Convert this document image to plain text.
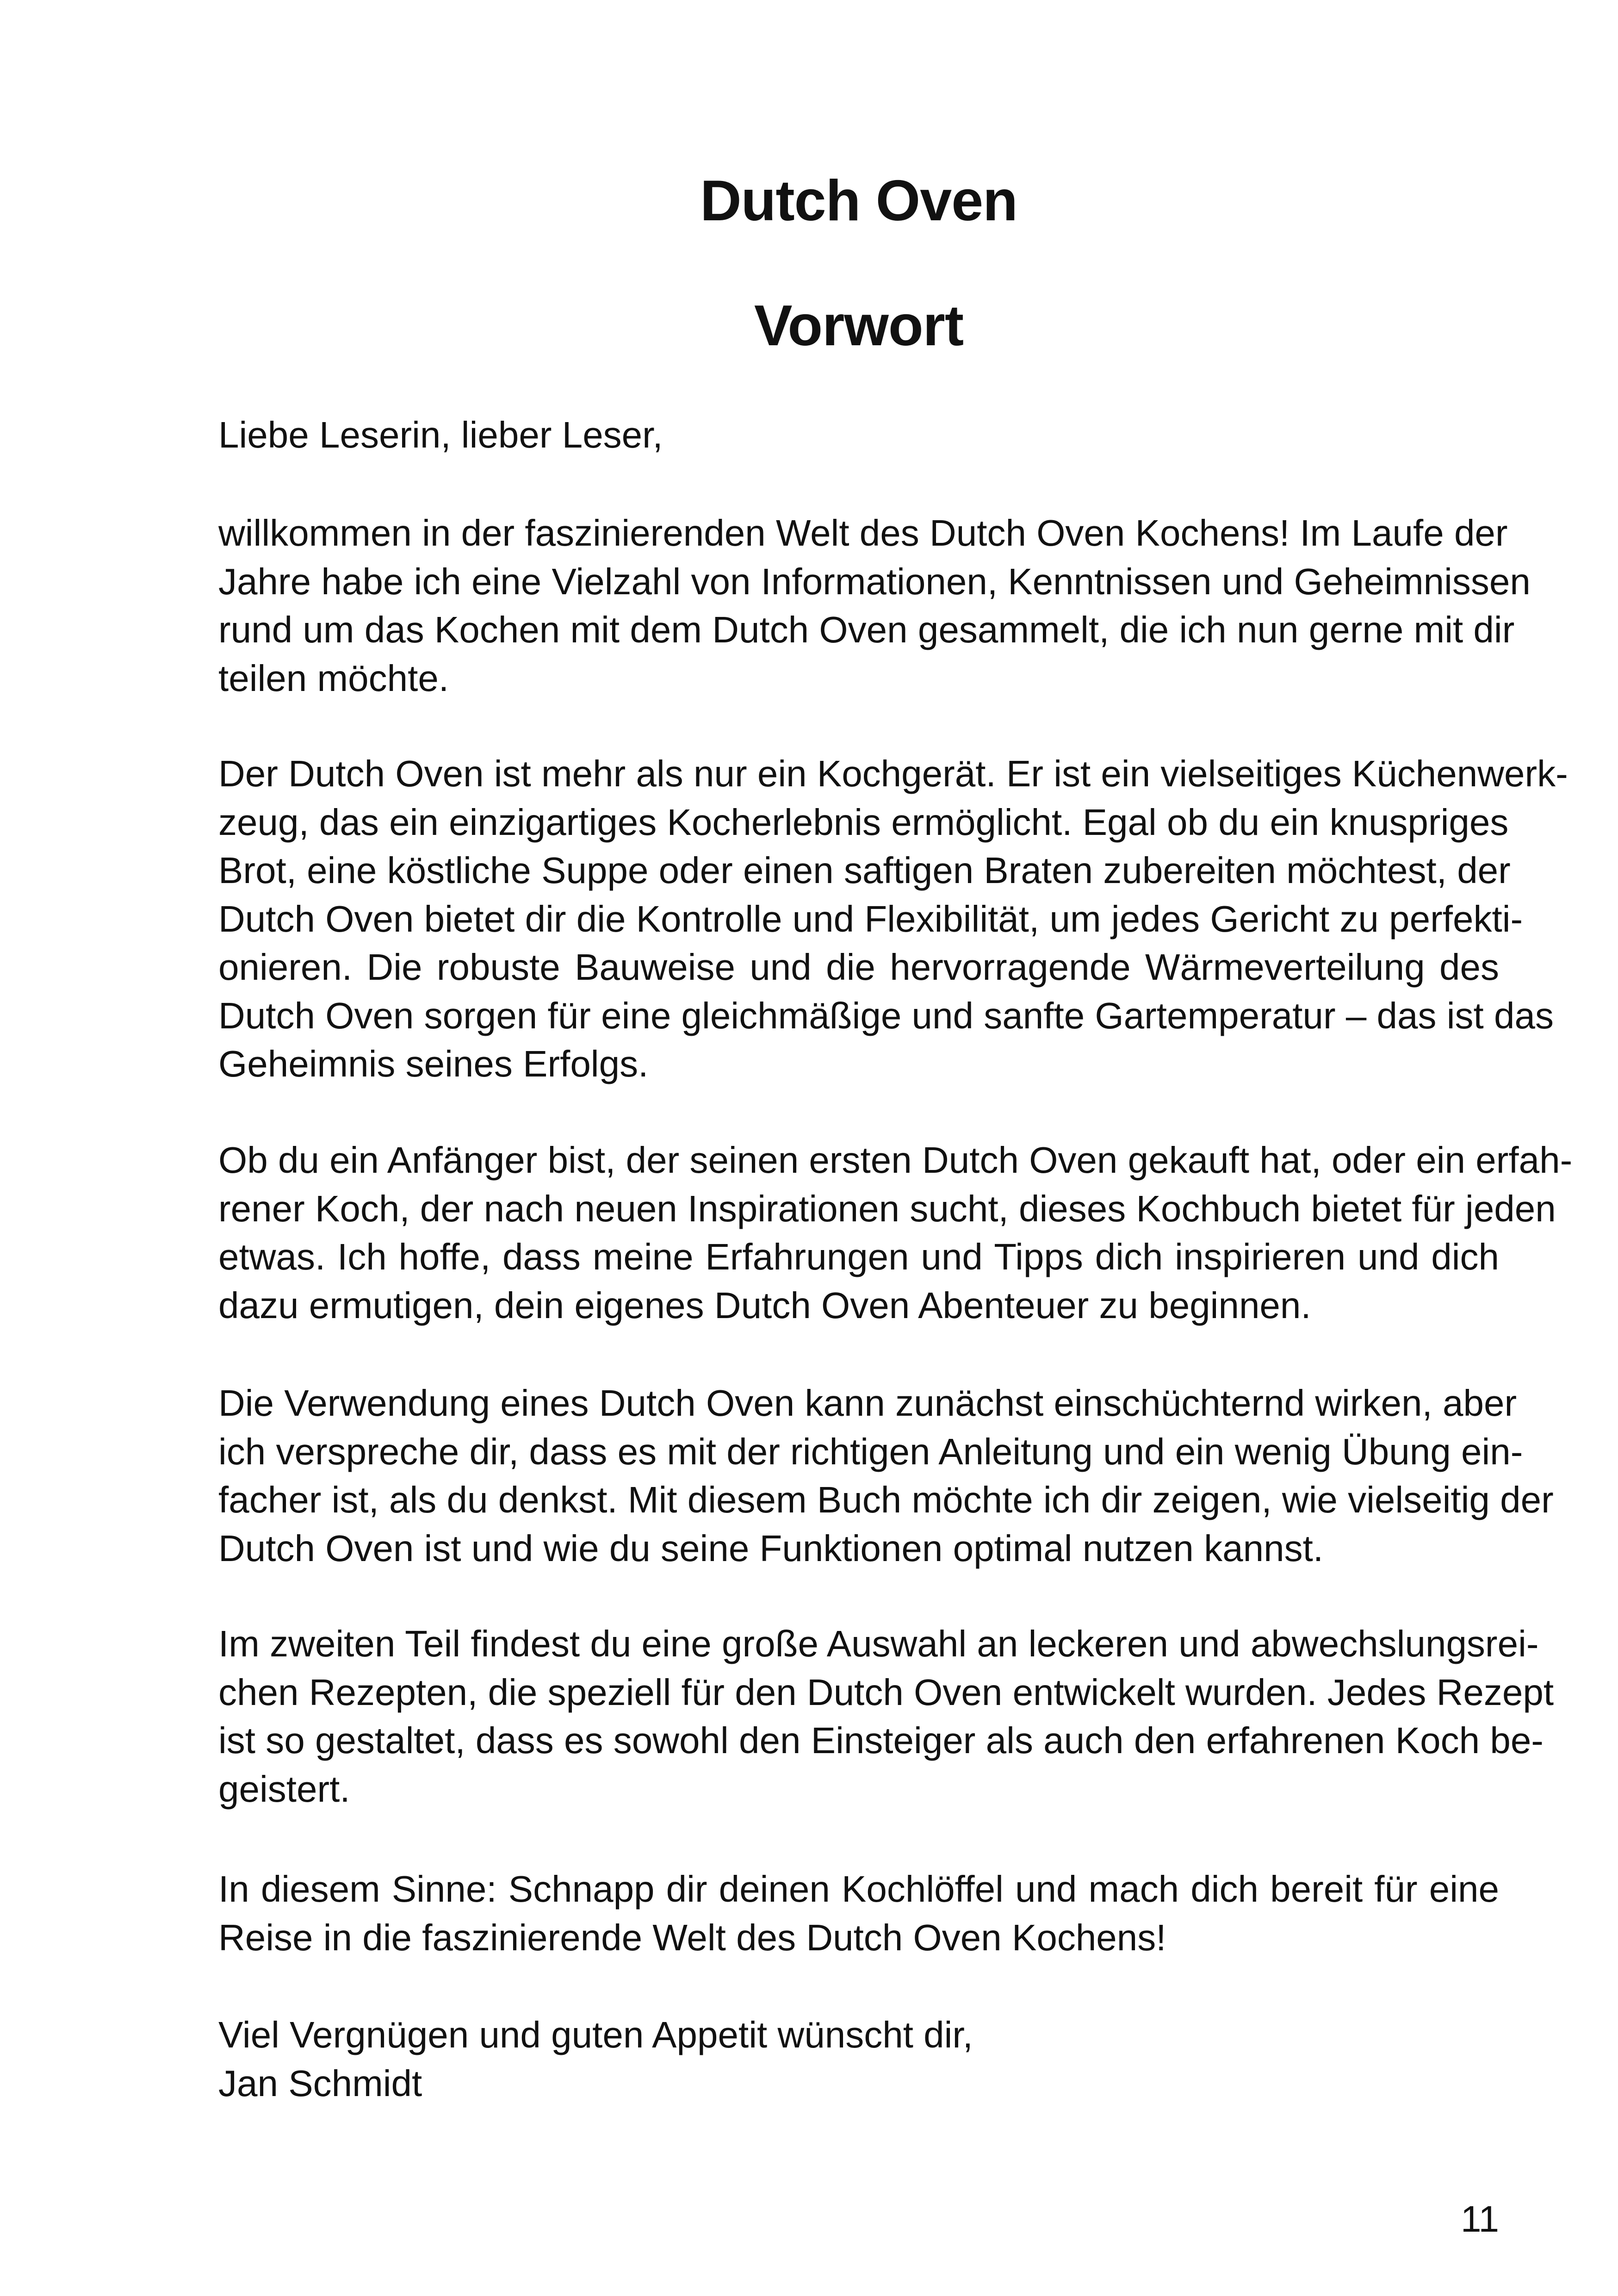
Dutch Oven
Vorwort

Liebe Leserin, lieber Leser,

willkommen in der faszinierenden Welt des Dutch Oven Kochens! Im Laufe der
Jahre habe ich eine Vielzahl von Informationen, Kenntnissen und Geheimnissen
rund um das Kochen mit dem Dutch Oven gesammelt, die ich nun gerne mit dir
teilen möchte.
Der Dutch Oven ist mehr als nur ein Kochgerät. Er ist ein vielseitiges Küchenwerk-
zeug, das ein einzigartiges Kocherlebnis ermöglicht. Egal ob du ein knuspriges
Brot, eine köstliche Suppe oder einen saftigen Braten zubereiten möchtest, der
Dutch Oven bietet dir die Kontrolle und Flexibilität, um jedes Gericht zu perfekti-
onieren. Die robuste Bauweise und die hervorragende Wärmeverteilung des
Dutch Oven sorgen für eine gleichmäßige und sanfte Gartemperatur – das ist das
Geheimnis seines Erfolgs.
Ob du ein Anfänger bist, der seinen ersten Dutch Oven gekauft hat, oder ein erfah-
rener Koch, der nach neuen Inspirationen sucht, dieses Kochbuch bietet für jeden
etwas. Ich hoffe, dass meine Erfahrungen und Tipps dich inspirieren und dich
dazu ermutigen, dein eigenes Dutch Oven Abenteuer zu beginnen.
Die Verwendung eines Dutch Oven kann zunächst einschüchternd wirken, aber
ich verspreche dir, dass es mit der richtigen Anleitung und ein wenig Übung ein-
facher ist, als du denkst. Mit diesem Buch möchte ich dir zeigen, wie vielseitig der
Dutch Oven ist und wie du seine Funktionen optimal nutzen kannst.
Im zweiten Teil findest du eine große Auswahl an leckeren und abwechslungsrei-
chen Rezepten, die speziell für den Dutch Oven entwickelt wurden. Jedes Rezept
ist so gestaltet, dass es sowohl den Einsteiger als auch den erfahrenen Koch be-
geistert.
In diesem Sinne: Schnapp dir deinen Kochlöffel und mach dich bereit für eine
Reise in die faszinierende Welt des Dutch Oven Kochens!

Viel Vergnügen und guten Appetit wünscht dir,

Jan Schmidt

11
